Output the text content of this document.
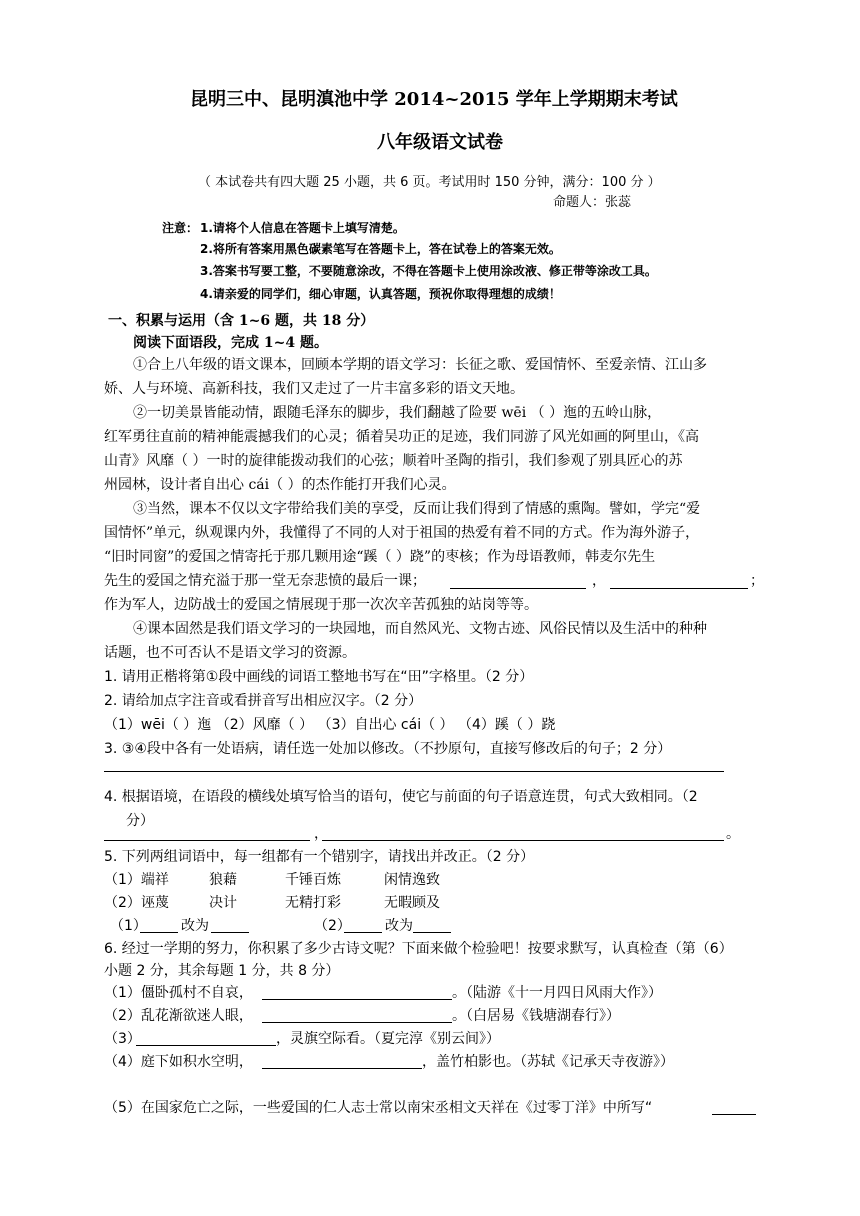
昆明三中、昆明滇池中学 2014~2015 学年上学期期末考试
八年级语文试卷
（ 本试卷共有四大题 25 小题，共 6 页。考试用时 150 分钟，满分：100 分 ）
命题人：张蕊
注意： 1.请将个人信息在答题卡上填写清楚。
2.将所有答案用黑色碳素笔写在答题卡上，答在试卷上的答案无效。
3.答案书写要工整，不要随意涂改，不得在答题卡上使用涂改液、修正带等涂改工具。
4.请亲爱的同学们，细心审题，认真答题，预祝你取得理想的成绩！
一、积累与运用（含 1~6 题，共 18 分）
阅读下面语段，完成 1~4 题。
①合上八年级的语文课本，回顾本学期的语文学习：长征之歌、爱国情怀、至爱亲情、江山多
娇、人与环境、高新科技，我们又走过了一片丰富多彩的语文天地。
②一切美景皆能动情，跟随毛泽东的脚步，我们翻越了险要 wēi （ ）迤的五岭山脉，
红军勇往直前的精神能震撼我们的心灵；循着吴功正的足迹，我们同游了风光如画的阿里山，《高
山青》风靡（ ）一时的旋律能拨动我们的心弦；顺着叶圣陶的指引，我们参观了别具匠心的苏
州园林，设计者自出心 cái（ ）的杰作能打开我们心灵。
③当然，课本不仅以文字带给我们美的享受，反而让我们得到了情感的熏陶。譬如，学完“爱
国情怀”单元，纵观课内外，我懂得了不同的人对于祖国的热爱有着不同的方式。作为海外游子，
“旧时同窗”的爱国之情寄托于那几颗用途“蹊（ ）跷”的枣核；作为母语教师，韩麦尔先生
先生的爱国之情充溢于那一堂无奈悲愤的最后一课；	，	；
作为军人，边防战士的爱国之情展现于那一次次辛苦孤独的站岗等等。
④课本固然是我们语文学习的一块园地，而自然风光、文物古迹、风俗民情以及生活中的种种
话题，也不可否认不是语文学习的资源。
1. 请用正楷将第①段中画线的词语工整地书写在“田”字格里。（2 分）
2. 请给加点字注音或看拼音写出相应汉字。（2 分）
（1）wēi（ ）迤 （2）风靡（ ） （3）自出心 cái（ ） （4）蹊（ ）跷
3. ③④段中各有一处语病，请任选一处加以修改。（不抄原句，直接写修改后的句子；2 分）
4. 根据语境，在语段的横线处填写恰当的语句，使它与前面的句子语意连贯，句式大致相同。（2
分）
，	。
5. 下列两组词语中，每一组都有一个错别字，请找出并改正。（2 分）
（1）端祥	狼藉	千锤百炼	闲情逸致
（2）诬蔑	决计	无精打彩	无暇顾及
（1） 改为	（2） 改为
6. 经过一学期的努力，你积累了多少古诗文呢？下面来做个检验吧！按要求默写，认真检查（第（6）
小题 2 分，其余每题 1 分，共 8 分）
（1）僵卧孤村不自哀，	。（陆游《十一月四日风雨大作》）
（2）乱花渐欲迷人眼，	。（白居易《钱塘湖春行》）
（3）	，灵旗空际看。（夏完淳《别云间》）
（4）庭下如积水空明，	，盖竹柏影也。（苏轼《记承天寺夜游》）
（5）在国家危亡之际，一些爱国的仁人志士常以南宋丞相文天祥在《过零丁洋》中所写“
